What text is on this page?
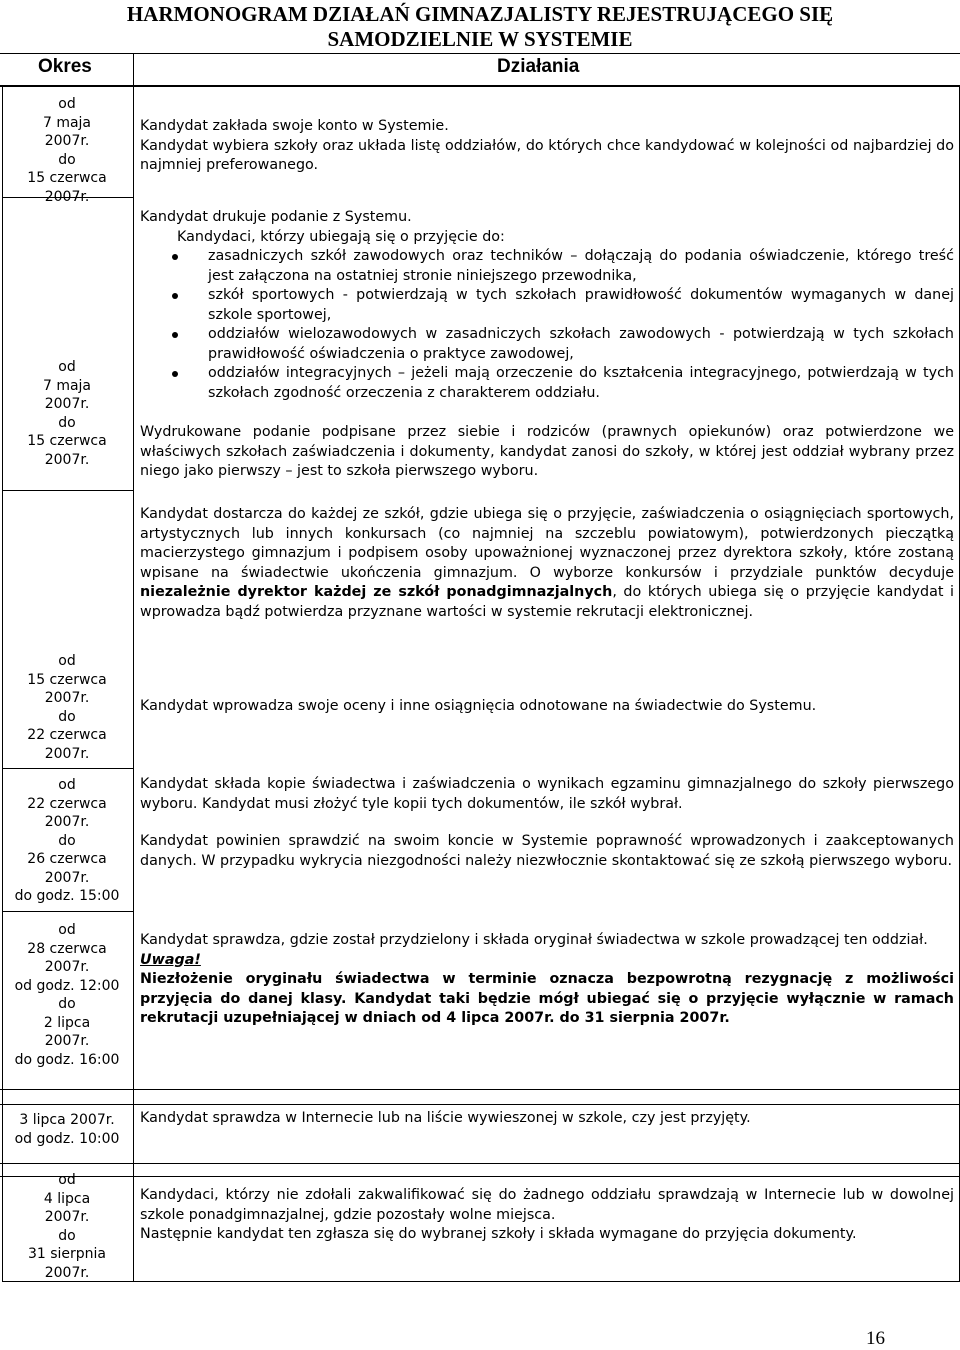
HARMONOGRAM DZIAŁAŃ GIMNAZJALISTY REJESTRUJĄCEGO SIĘ
SAMODZIELNIE W SYSTEMIE
Okres	Działania
od
7 maja
2007r.
do
15 czerwca
2007r.
od
7 maja
2007r.
do
15 czerwca
2007r.
od
15 czerwca
2007r.
do
22 czerwca
2007r.
od
22 czerwca
2007r.
do
26 czerwca
2007r.
do godz. 15:00
od
28 czerwca
2007r.
od godz. 12:00
do
2 lipca
2007r.
do godz. 16:00
3 lipca 2007r.
od godz. 10:00
od
4 lipca
2007r.
do
31 sierpnia
2007r.

Kandydat zakłada swoje konto w Systemie.

Kandydat wybiera szkoły oraz układa listę oddziałów, do których chce kandydować w kolejności od najbardziej do najmniej preferowanego.

Kandydat drukuje podanie z Systemu.

Kandydaci, którzy ubiegają się o przyjęcie do:

zasadniczych szkół zawodowych oraz techników – dołączają do podania oświadczenie, którego treść jest załączona na ostatniej stronie niniejszego przewodnika,
szkół sportowych - potwierdzają w tych szkołach prawidłowość dokumentów wymaganych w danej szkole sportowej,
oddziałów wielozawodowych w zasadniczych szkołach zawodowych - potwierdzają w tych szkołach prawidłowość oświadczenia o praktyce zawodowej,
oddziałów integracyjnych – jeżeli mają orzeczenie do kształcenia integracyjnego, potwierdzają w tych szkołach zgodność orzeczenia z charakterem oddziału.

Wydrukowane podanie podpisane przez siebie i rodziców (prawnych opiekunów) oraz potwierdzone we właściwych szkołach zaświadczenia i dokumenty, kandydat zanosi do szkoły, w której jest oddział wybrany przez niego jako pierwszy – jest to szkoła pierwszego wyboru.

Kandydat dostarcza do każdej ze szkół, gdzie ubiega się o przyjęcie, zaświadczenia o osiągnięciach sportowych, artystycznych lub innych konkursach (co najmniej na szczeblu powiatowym), potwierdzonych pieczątką macierzystego gimnazjum i podpisem osoby upoważnionej wyznaczonej przez dyrektora szkoły, które zostaną wpisane na świadectwie ukończenia gimnazjum. O wyborze konkursów i przydziale punktów decyduje niezależnie dyrektor każdej ze szkół ponadgimnazjalnych, do których ubiega się o przyjęcie kandydat i wprowadza bądź potwierdza przyznane wartości w systemie rekrutacji elektronicznej.

Kandydat wprowadza swoje oceny i inne osiągnięcia odnotowane na świadectwie do Systemu.

Kandydat składa kopie świadectwa i zaświadczenia o wynikach egzaminu gimnazjalnego do szkoły pierwszego wyboru. Kandydat musi złożyć tyle kopii tych dokumentów, ile szkół wybrał.

Kandydat powinien sprawdzić na swoim koncie w Systemie poprawność wprowadzonych i zaakceptowanych danych. W przypadku wykrycia niezgodności należy niezwłocznie skontaktować się ze szkołą pierwszego wyboru.

Kandydat sprawdza, gdzie został przydzielony i składa oryginał świadectwa w szkole prowadzącej ten oddział.

Uwaga!

Niezłożenie oryginału świadectwa w terminie oznacza bezpowrotną rezygnację z możliwości przyjęcia do danej klasy. Kandydat taki będzie mógł ubiegać się o przyjęcie wyłącznie w ramach rekrutacji uzupełniającej w dniach od 4 lipca 2007r. do 31 sierpnia 2007r.

Kandydat sprawdza w Internecie lub na liście wywieszonej w szkole, czy jest przyjęty.

Kandydaci, którzy nie zdołali zakwalifikować się do żadnego oddziału sprawdzają w Internecie lub w dowolnej szkole ponadgimnazjalnej, gdzie pozostały wolne miejsca.

Następnie kandydat ten zgłasza się do wybranej szkoły i składa wymagane do przyjęcia dokumenty.

16
